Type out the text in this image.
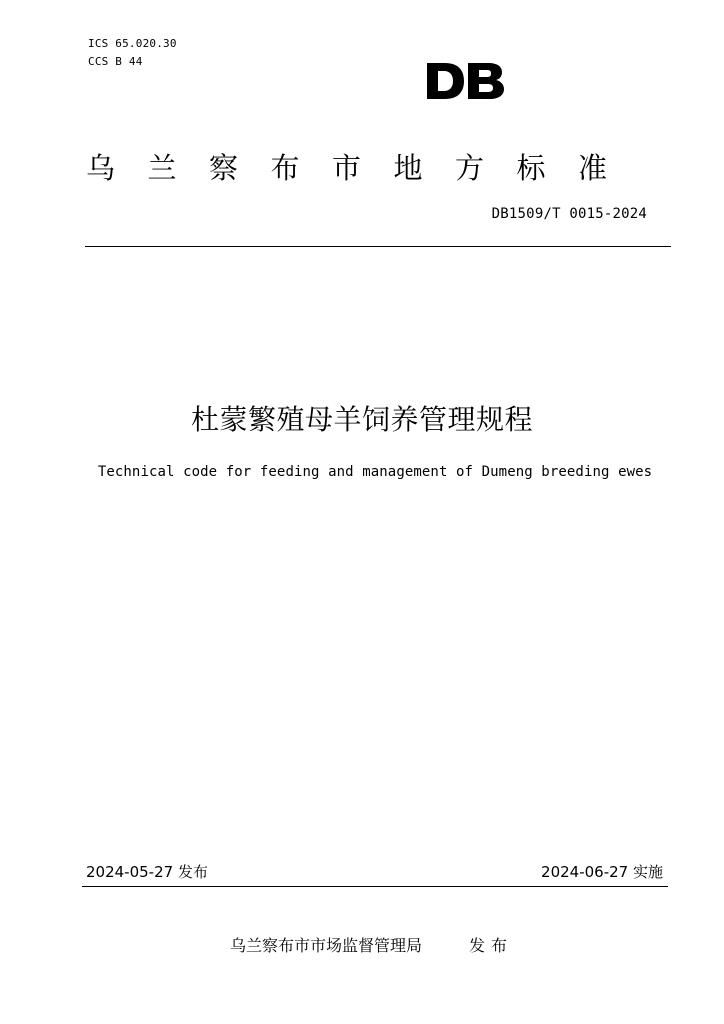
ICS 65.020.30
CCS B 44
乌兰察布市地方标准
DB1509/T 0015-2024
杜蒙繁殖母羊饲养管理规程
Technical code for feeding and management of Dumeng breeding ewes
2024-05-27 发布	2024-06-27 实施
乌兰察布市市场监督管理局	发布
